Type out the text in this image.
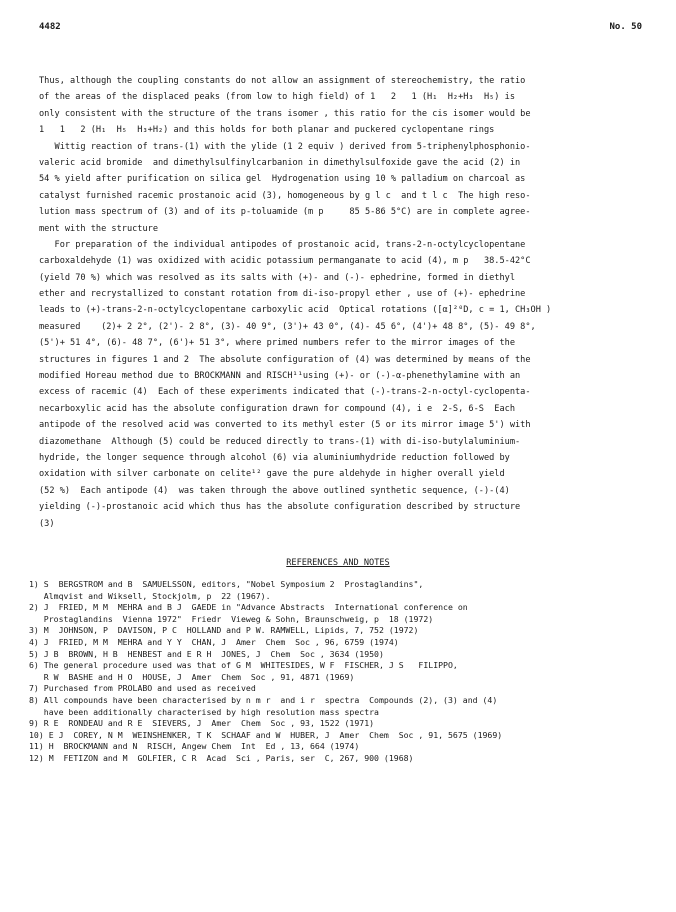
4482	No. 50
Thus, although the coupling constants do not allow an assignment of stereochemistry, the ratio
of the areas of the displaced peaks (from low to high field) of 1   2   1 (H₁  H₂+H₃  H₅) is
only consistent with the structure of the trans isomer , this ratio for the cis isomer would be
1   1   2 (H₁  H₅  H₃+H₂) and this holds for both planar and puckered cyclopentane rings
Wittig reaction of trans-(1) with the ylide (1 2 equiv ) derived from 5-triphenylphosphonio-
valeric acid bromide  and dimethylsulfinylcarbanion in dimethylsulfoxide gave the acid (2) in
54 % yield after purification on silica gel  Hydrogenation using 10 % palladium on charcoal as
catalyst furnished racemic prostanoic acid (3), homogeneous by g l c  and t l c  The high reso-
lution mass spectrum of (3) and of its p-toluamide (m p     85 5-86 5°C) are in complete agree-
ment with the structure
For preparation of the individual antipodes of prostanoic acid, trans-2-n-octylcyclopentane
carboxaldehyde (1) was oxidized with acidic potassium permanganate to acid (4), m p   38.5-42°C
(yield 70 %) which was resolved as its salts with (+)- and (-)- ephedrine, formed in diethyl
ether and recrystallized to constant rotation from di-iso-propyl ether , use of (+)- ephedrine
leads to (+)-trans-2-n-octylcyclopentane carboxylic acid  Optical rotations ([α]²⁰D, c = 1, CH₃OH )
measured    (2)+ 2 2°, (2')- 2 8°, (3)- 40 9°, (3')+ 43 0°, (4)- 45 6°, (4')+ 48 8°, (5)- 49 8°,
(5')+ 51 4°, (6)- 48 7°, (6')+ 51 3°, where primed numbers refer to the mirror images of the
structures in figures 1 and 2  The absolute configuration of (4) was determined by means of the
modified Horeau method due to BROCKMANN and RISCH¹¹using (+)- or (-)-α-phenethylamine with an
excess of racemic (4)  Each of these experiments indicated that (-)-trans-2-n-octyl-cyclopenta-
necarboxylic acid has the absolute configuration drawn for compound (4), i e  2-S, 6-S  Each
antipode of the resolved acid was converted to its methyl ester (5 or its mirror image 5') with
diazomethane  Although (5) could be reduced directly to trans-(1) with di-iso-butylaluminium-
hydride, the longer sequence through alcohol (6) via aluminiumhydride reduction followed by
oxidation with silver carbonate on celite¹² gave the pure aldehyde in higher overall yield
(52 %)  Each antipode (4)  was taken through the above outlined synthetic sequence, (-)-(4)
yielding (-)-prostanoic acid which thus has the absolute configuration described by structure
(3)
REFERENCES AND NOTES
1) S  BERGSTROM and B  SAMUELSSON, editors, "Nobel Symposium 2  Prostaglandins",
Almqvist and Wiksell, Stockjolm, p  22 (1967).
2) J  FRIED, M M  MEHRA and B J  GAEDE in "Advance Abstracts  International conference on
Prostaglandins  Vienna 1972"  Friedr  Vieweg & Sohn, Braunschweig, p  18 (1972)
3) M  JOHNSON, P  DAVISON, P C  HOLLAND and P W. RAMWELL, Lipids, 7, 752 (1972)
4) J  FRIED, M M  MEHRA and Y Y  CHAN, J  Amer  Chem  Soc , 96, 6759 (1974)
5) J B  BROWN, H B  HENBEST and E R H  JONES, J  Chem  Soc , 3634 (1950)
6) The general procedure used was that of G M  WHITESIDES, W F  FISCHER, J S   FILIPPO,
R W  BASHE and H O  HOUSE, J  Amer  Chem  Soc , 91, 4871 (1969)
7) Purchased from PROLABO and used as received
8) All compounds have been characterised by n m r  and i r  spectra  Compounds (2), (3) and (4)
have been additionally characterised by high resolution mass spectra
9) R E  RONDEAU and R E  SIEVERS, J  Amer  Chem  Soc , 93, 1522 (1971)
10) E J  COREY, N M  WEINSHENKER, T K  SCHAAF and W  HUBER, J  Amer  Chem  Soc , 91, 5675 (1969)
11) H  BROCKMANN and N  RISCH, Angew Chem  Int  Ed , 13, 664 (1974)
12) M  FETIZON and M  GOLFIER, C R  Acad  Sci , Paris, ser  C, 267, 900 (1968)
